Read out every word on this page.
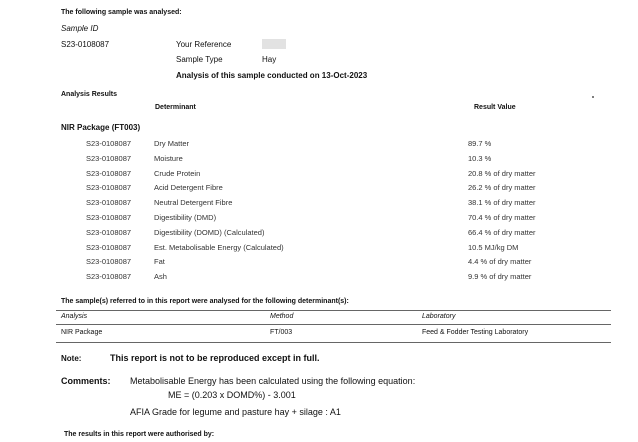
The following sample was analysed:
Sample ID
S23-0108087	Your Reference
Sample Type	Hay
Analysis of this sample conducted on 13-Oct-2023
Analysis Results
Determinant	Result Value
NIR Package (FT003)
S23-0108087	Dry Matter	89.7 %
S23-0108087	Moisture	10.3 %
S23-0108087	Crude Protein	20.8 % of dry matter
S23-0108087	Acid Detergent Fibre	26.2 % of dry matter
S23-0108087	Neutral Detergent Fibre	38.1 % of dry matter
S23-0108087	Digestibility (DMD)	70.4 % of dry matter
S23-0108087	Digestibility (DOMD) (Calculated)	66.4 % of dry matter
S23-0108087	Est. Metabolisable Energy (Calculated)	10.5 MJ/kg DM
S23-0108087	Fat	4.4 % of dry matter
S23-0108087	Ash	9.9 % of dry matter
The sample(s) referred to in this report were analysed for the following determinant(s):
Analysis	Method	Laboratory
NIR Package	FT/003	Feed & Fodder Testing Laboratory
Note:	This report is not to be reproduced except in full.
Comments: Metabolisable Energy has been calculated using the following equation:
ME = (0.203 x DOMD%) - 3.001
AFIA Grade for legume and pasture hay + silage : A1
The results in this report were authorised by:
